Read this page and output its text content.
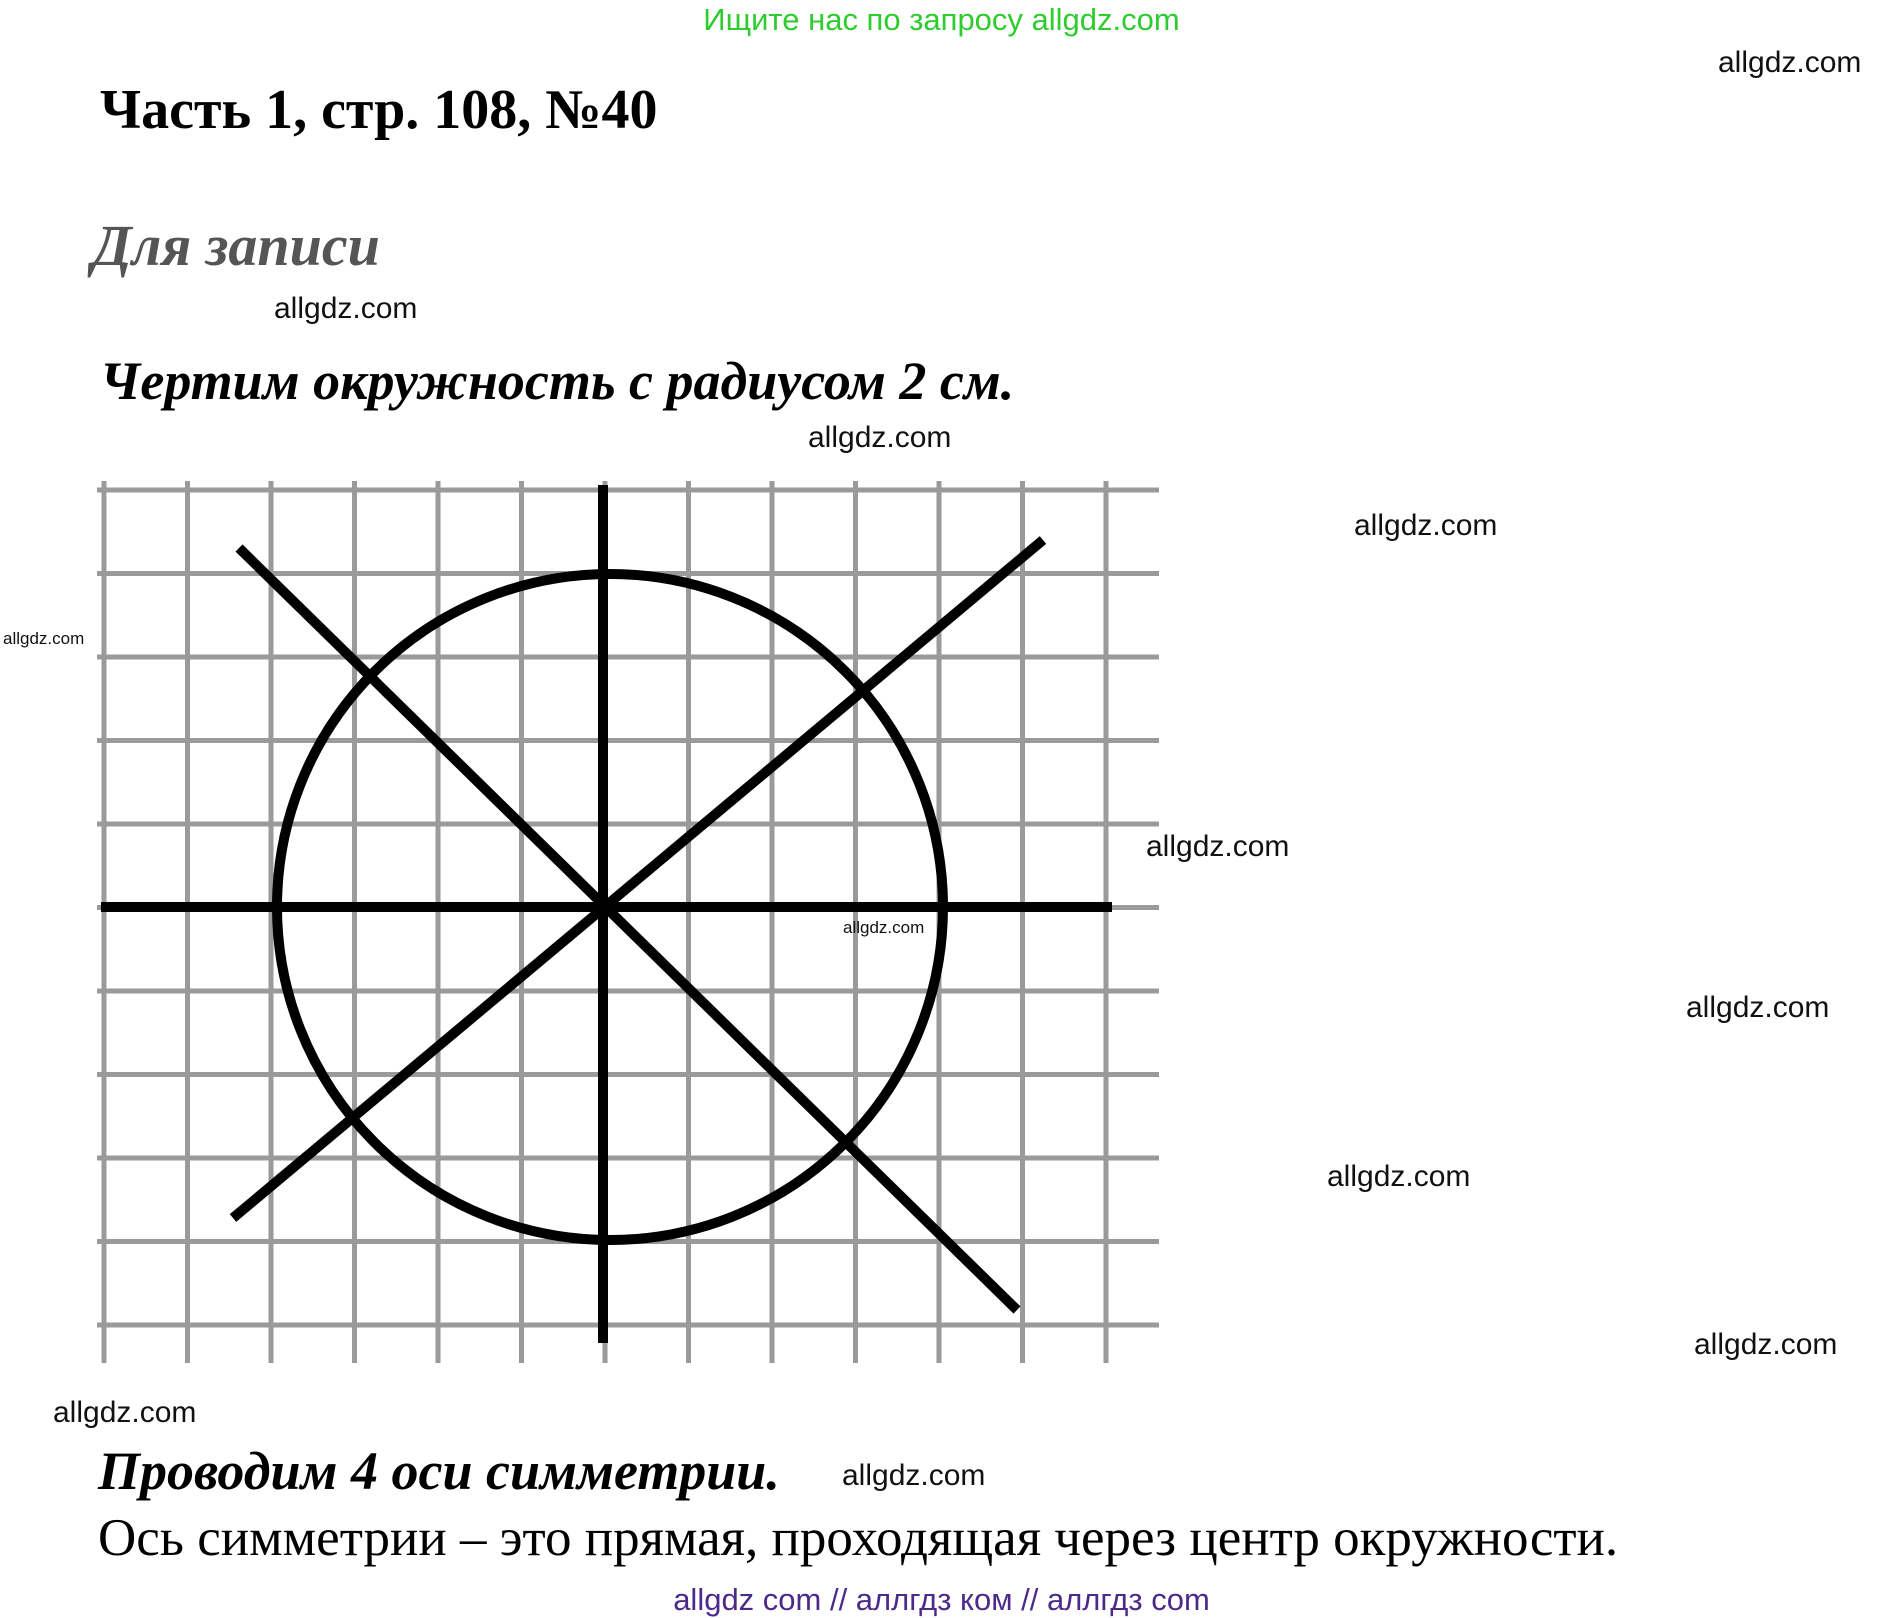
Ищите нас по запросу allgdz.com
allgdz.com
Часть 1, стр. 108, №40
Для записи
allgdz.com
Чертим окружность с радиусом 2 см.
allgdz.com
allgdz.com
allgdz.com
allgdz.com
allgdz.com
allgdz.com
allgdz.com
allgdz.com
allgdz.com
Проводим 4 оси симметрии. allgdz.com
Ось симметрии – это прямая, проходящая через центр окружности.
allgdz com // аллгдз ком // аллгдз com
